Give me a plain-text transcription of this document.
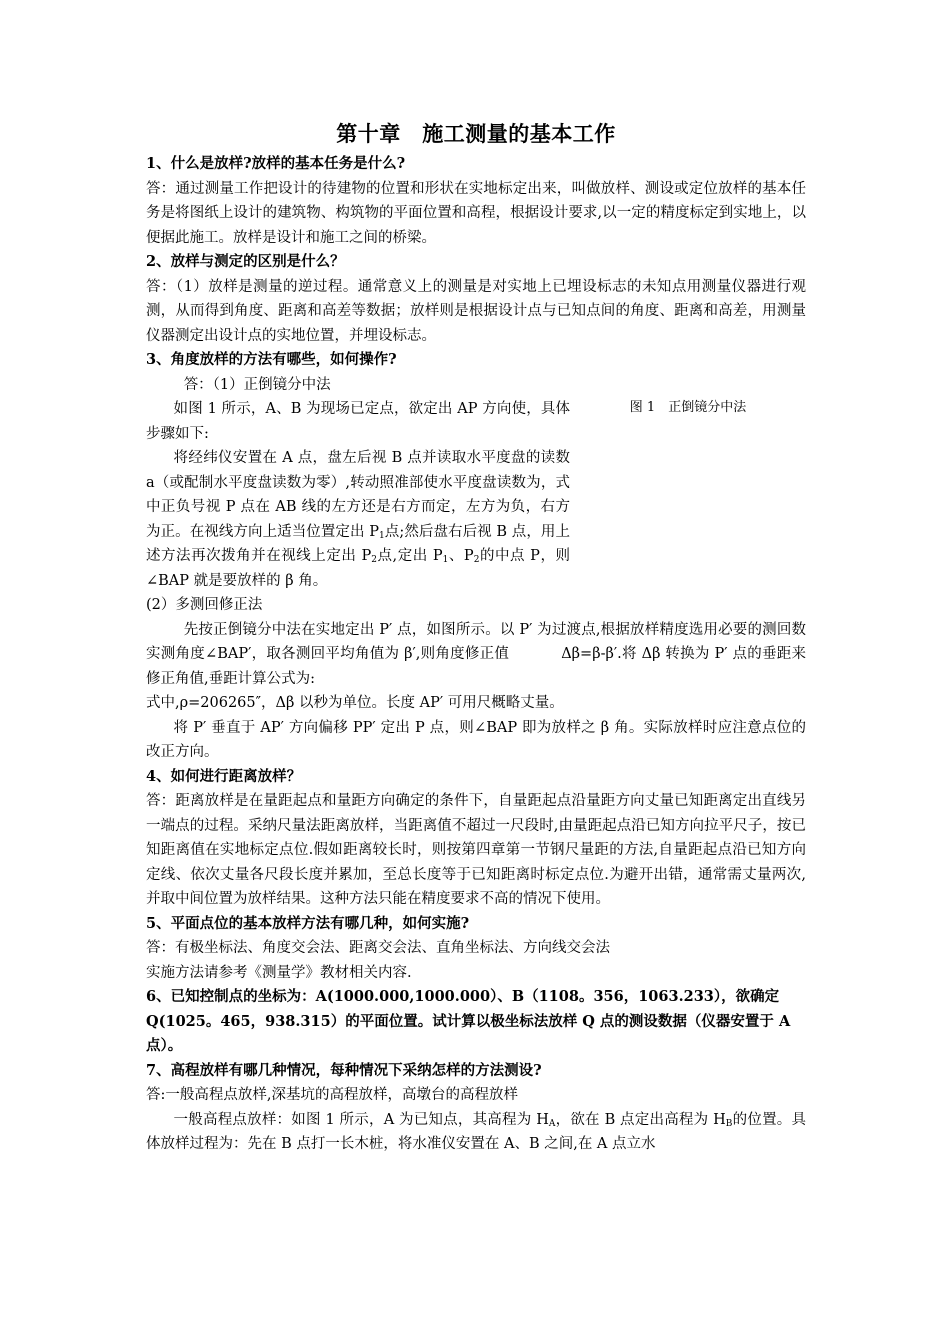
第十章　施工测量的基本工作

1、什么是放样?放样的基本任务是什么?

答：通过测量工作把设计的待建物的位置和形状在实地标定出来，叫做放样、测设或定位放样的基本任务是将图纸上设计的建筑物、构筑物的平面位置和高程，根据设计要求,以一定的精度标定到实地上，以便据此施工。放样是设计和施工之间的桥梁。

2、放样与测定的区别是什么？

答：（1）放样是测量的逆过程。通常意义上的测量是对实地上已埋设标志的未知点用测量仪器进行观测，从而得到角度、距离和高差等数据；放样则是根据设计点与已知点间的角度、距离和高差，用测量仪器测定出设计点的实地位置，并埋设标志。

3、角度放样的方法有哪些，如何操作?

答：（1）正倒镜分中法

如图 1 所示，A、B 为现场已定点，欲定出 AP 方向使，具体步骤如下:

将经纬仪安置在 A 点，盘左后视 B 点并读取水平度盘的读数 a（或配制水平度盘读数为零）,转动照准部使水平度盘读数为，式中正负号视 P 点在 AB 线的左方还是右方而定，左方为负，右方为正。在视线方向上适当位置定出 $P_1$点;然后盘右后视 B 点，用上述方法再次拨角并在视线上定出 $P_2$点,定出 $P_1$、$P_2$的中点 P，则∠BAP 就是要放样的 β 角。

图 1　正倒镜分中法

(2）多测回修正法

先按正倒镜分中法在实地定出 P′ 点，如图所示。以 P′ 为过渡点,根据放样精度选用必要的测回数实测角度∠BAP′，取各测回平均角值为 β′,则角度修正值	Δβ=β-β′.将 Δβ 转换为 P′ 点的垂距来修正角值,垂距计算公式为:

式中,ρ=206265″，Δβ 以秒为单位。长度 AP′ 可用尺概略丈量。

将 P′ 垂直于 AP′ 方向偏移 PP′ 定出 P 点，则∠BAP 即为放样之 β 角。实际放样时应注意点位的改正方向。

4、如何进行距离放样？

答：距离放样是在量距起点和量距方向确定的条件下，自量距起点沿量距方向丈量已知距离定出直线另一端点的过程。采纳尺量法距离放样，当距离值不超过一尺段时,由量距起点沿已知方向拉平尺子，按已知距离值在实地标定点位.假如距离较长时，则按第四章第一节钢尺量距的方法,自量距起点沿已知方向定线、依次丈量各尺段长度并累加，至总长度等于已知距离时标定点位.为避开出错，通常需丈量两次,并取中间位置为放样结果。这种方法只能在精度要求不高的情况下使用。

5、平面点位的基本放样方法有哪几种，如何实施?

答：有极坐标法、角度交会法、距离交会法、直角坐标法、方向线交会法

实施方法请参考《测量学》教材相关内容.

6、已知控制点的坐标为：A(1000.000,1000.000）、B（1108。356，1063.233），欲确定 Q(1025。465，938.315）的平面位置。试计算以极坐标法放样 Q 点的测设数据（仪器安置于 A 点）。

7、高程放样有哪几种情况，每种情况下采纳怎样的方法测设?

答:一般高程点放样,深基坑的高程放样，高墩台的高程放样

一般高程点放样：如图 1 所示，A 为已知点，其高程为 $H_A$，欲在 B 点定出高程为 $H_B$的位置。具体放样过程为：先在 B 点打一长木桩，将水准仪安置在 A、B 之间,在 A 点立水
